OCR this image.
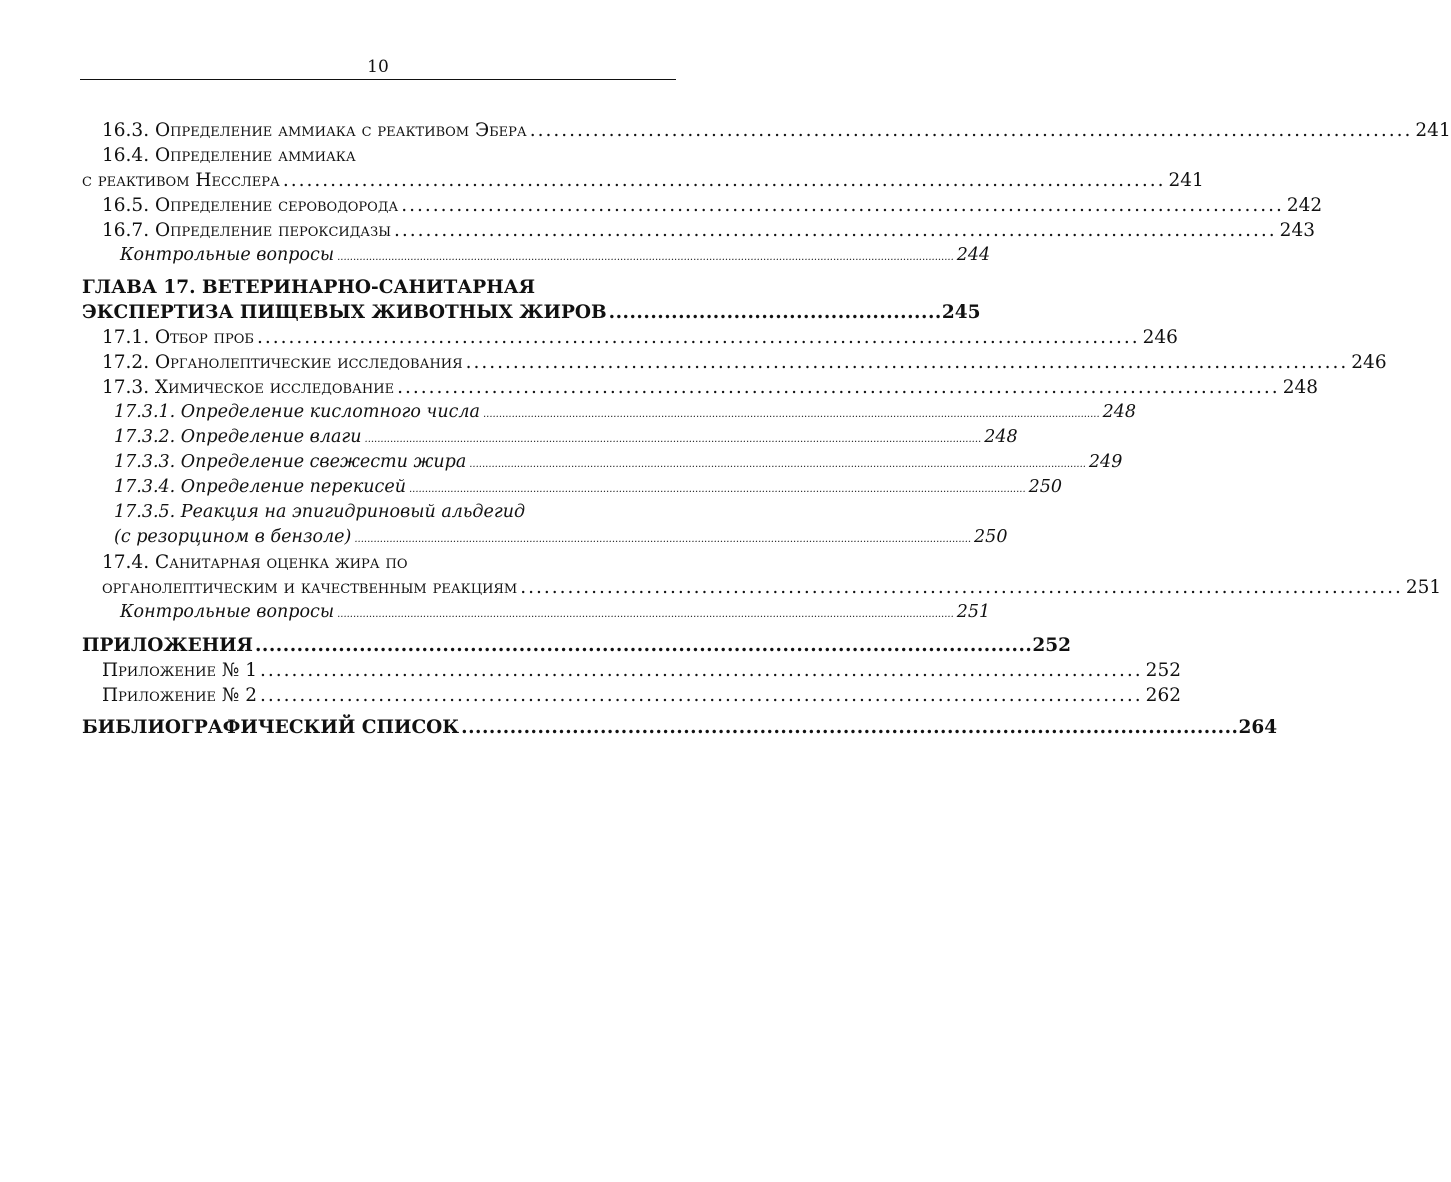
10
16.3.
Определение аммиака с реактивом Эбера ................................................................................................................ 241
16.4.
Определение аммиака
с реактивом Несслера ................................................................................................................ 241
16.5.
Определение сероводорода ................................................................................................................ 242
16.7.
Определение пероксидазы ................................................................................................................ 243
Контрольные вопросы .................................................................................................................................................................................................. 244
ГЛАВА 17. ВЕТЕРИНАРНО-САНИТАРНАЯ
ЭКСПЕРТИЗА ПИЩЕВЫХ ЖИВОТНЫХ ЖИРОВ ................................................ 245
17.1.
Отбор проб ................................................................................................................ 246
17.2.
Органолептические исследования ................................................................................................................ 246
17.3.
Химическое исследование ................................................................................................................ 248
17.3.1. Определение кислотного числа .................................................................................................................................................................................................. 248
17.3.2. Определение влаги .................................................................................................................................................................................................. 248
17.3.3. Определение свежести жира .................................................................................................................................................................................................. 249
17.3.4. Определение перекисей .................................................................................................................................................................................................. 250
17.3.5. Реакция на эпигидриновый альдегид
(с резорцином в бензоле) .................................................................................................................................................................................................. 250
17.4.
Санитарная оценка жира по
органолептическим и качественным реакциям ................................................................................................................ 251
Контрольные вопросы .................................................................................................................................................................................................. 251
ПРИЛОЖЕНИЯ ................................................................................................................ 252
Приложение № 1 ................................................................................................................ 252
Приложение № 2 ................................................................................................................ 262
БИБЛИОГРАФИЧЕСКИЙ СПИСОК ................................................................................................................ 264
